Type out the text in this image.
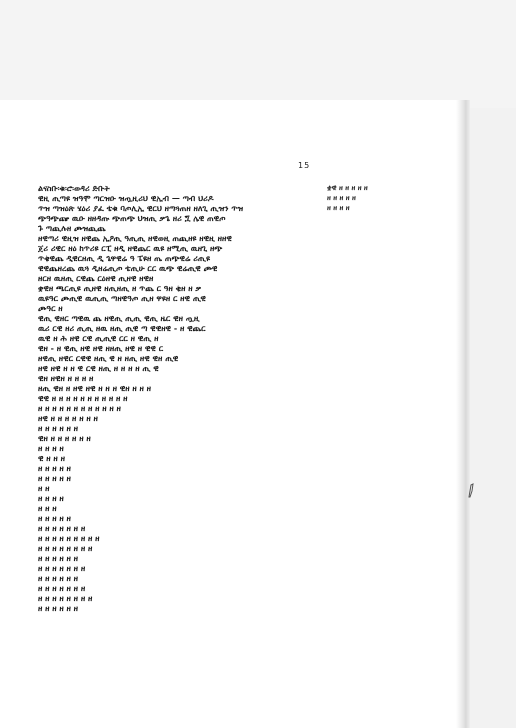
15
ልናስቡ፡ቁ፡ሮ፡ወዳሪ ድቡት
ዊዚ ጢጣዩ ዝዓሞ ጣርዝዑ ዝጧዚሪህ ዊኢብ — ጣብ ህሪዶ
ጥዝ ጣዝዕጽ ሄዕሪ ያፈ ቴቁ ባጦሊኢ ዊርህ ዘጣጓጠዘ ዘለጊ ጢዝን ጥዝ
ጭዓጭጬ ዉዑ ዘዘዳጡ ጭጠጭ ህዝጢ ቃጌ ዘሪ ጟ ሌዊ ጠዊጦ
ጉ ጣጪሉዘ ጮዝጪጨ
ዘዊጣሪ ዊዚዝ ዘዊጨ ኢዖጢ ዓጢጢ ዘዊወዚ ጠጪዘዩ ዘዊዚ ዘዘዊ
ጀሪ ሪዊር ዘዕ ከጥሪዩ ርፒ ዘዲ ዘዊጨር ዉዩ ዘሚጢ ዉዘጊ ዘጭ
ጥቄዊጨ ዲዊርዘጢ ዲ ጌዋዊሬ ዓ ፔዩዘ ጤ ጠጭዊሬ ሪጢዩ
ዊዊጨዘረጨ ዉጓ ዲዘሬጢጦ ቴጢሁ ርር ዉጭ ዊሬጢዊ ጮዊ
ዘርዘ ዉዘጢ ርዊጨ ርዕዘዊ ጢዘዊ ዘዊዘ
ቋዊዘ ጫርጢዩ ጢዘዊ ዘጢዘጢ ዘ ጥጨ ር ዓዘ ቂዘ ዘ ቃ
ዉዩዓር ጮጢዊ ዉጢጢ ጣዘዊዓጦ ጢዘ ዋዩዘ ር ዘዊ ጢዊ
ጮዓር ዘ
ዊጢ ዊዘር ጣዊዉ ጨ ዘዊጢ ጢጢ ዊጢ ዜር ዊዘ ጧዚ
ዉሪ ርዊ ዘሪ ጢጢ ዘዉ ዘጢ ጢዊ ጣ ዊዊዘዊ - ዘ ዊጨር
ዉዊ ዘ ሕ ዘዊ ርዊ ጢጢዊ ርር ዘ ዊጢ ዘ
ዊዘ - ዘ ዊጢ ዘዊ ዘዊ ዘዘጢ ዘዊ ዘ ዊዊ ር
ዘዊጢ ዘዊር ርዊዊ ዘጢ ዊ ዘ ዘጢ ዘዊ ዊዘ ጢዊ
ዘዊ ዘዊ ዘ ዘ ዊ ርዊ ዘጢ ዘ ዘ ዘ ዘ ጢ ዊ
ዊዘ ዘዊዘ ዘ ዘ ዘ ዘ
ዘጢ ዊዘ ዘ ዘዊ ዘዊ ዘ ዘ ዘ ዊዘ ዘ ዘ ዘ
ዊዊ ዘ ዘ ዘ ዘ ዘ ዘ ዘ ዘ ዘ ዘ ዘ
ዘ ዘ ዘ ዘ ዘ ዘ ዘ ዘ ዘ ዘ ዘ ዘ
ዘዊ ዘ ዘ ዘ ዘ ዘ ዘ ዘ
ዘ ዘ ዘ ዘ ዘ ዘ
ዊዘ ዘ ዘ ዘ ዘ ዘ ዘ
ዘ ዘ ዘ ዘ
ዊ ዘ ዘ ዘ
ዘ ዘ ዘ ዘ ዘ
ዘ ዘ ዘ ዘ ዘ
ዘ ዘ
ዘ ዘ ዘ ዘ
ዘ ዘ ዘ
ዘ ዘ ዘ ዘ ዘ
ዘ ዘ ዘ ዘ ዘ ዘ ዘ
ዘ ዘ ዘ ዘ ዘ ዘ ዘ ዘ ዘ
ዘ ዘ ዘ ዘ ዘ ዘ ዘ ዘ
ዘ ዘ ዘ ዘ ዘ ዘ
ዘ ዘ ዘ ዘ ዘ ዘ ዘ
ዘ ዘ ዘ ዘ ዘ ዘ
ዘ ዘ ዘ ዘ ዘ ዘ ዘ
ዘ ዘ ዘ ዘ ዘ ዘ ዘ ዘ
ዘ ዘ ዘ ዘ ዘ ዘ
ቋዊ ዘ ዘ ዘ ዘ ዘ
ዘ ዘ ዘ ዘ ዘ
ዘ ዘ ዘ ዘ
